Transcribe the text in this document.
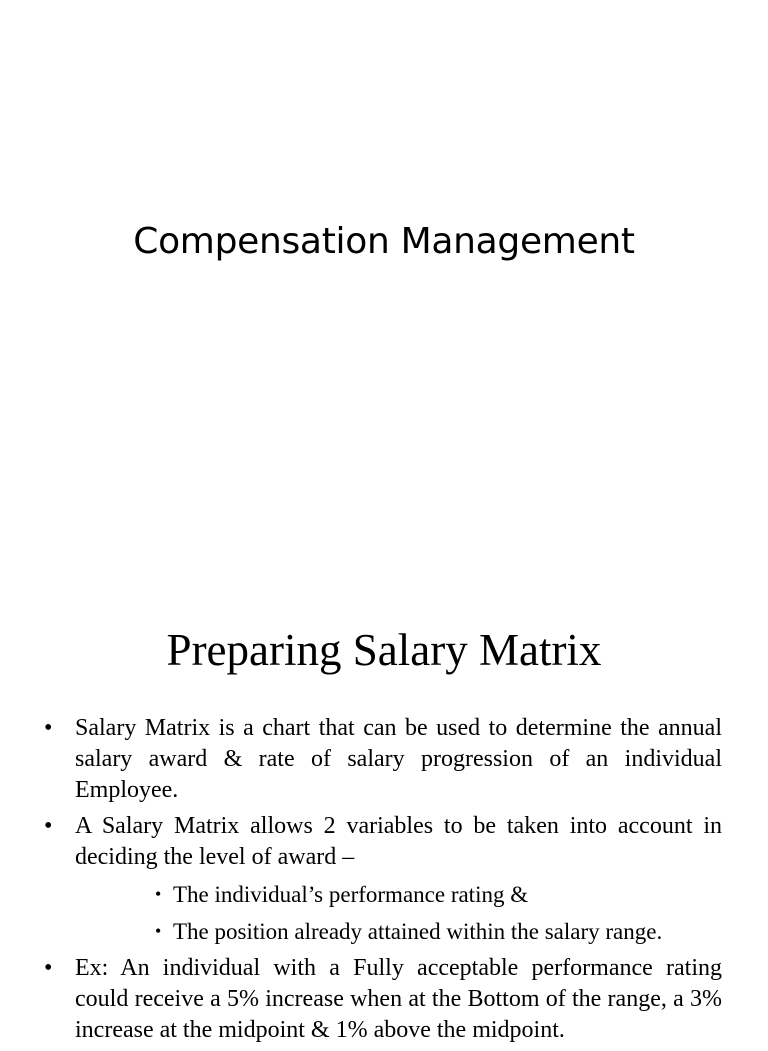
Compensation Management
Preparing Salary Matrix
• Salary Matrix is a chart that can be used to determine the annual salary award & rate of salary progression of an individual Employee.
• A Salary Matrix allows 2 variables to be taken into account in deciding the level of award –
• The individual’s performance rating &
• The position already attained within the salary range.
• Ex: An individual with a Fully acceptable performance rating could receive a 5% increase when at the Bottom of the range, a 3% increase at the midpoint & 1% above the midpoint.
